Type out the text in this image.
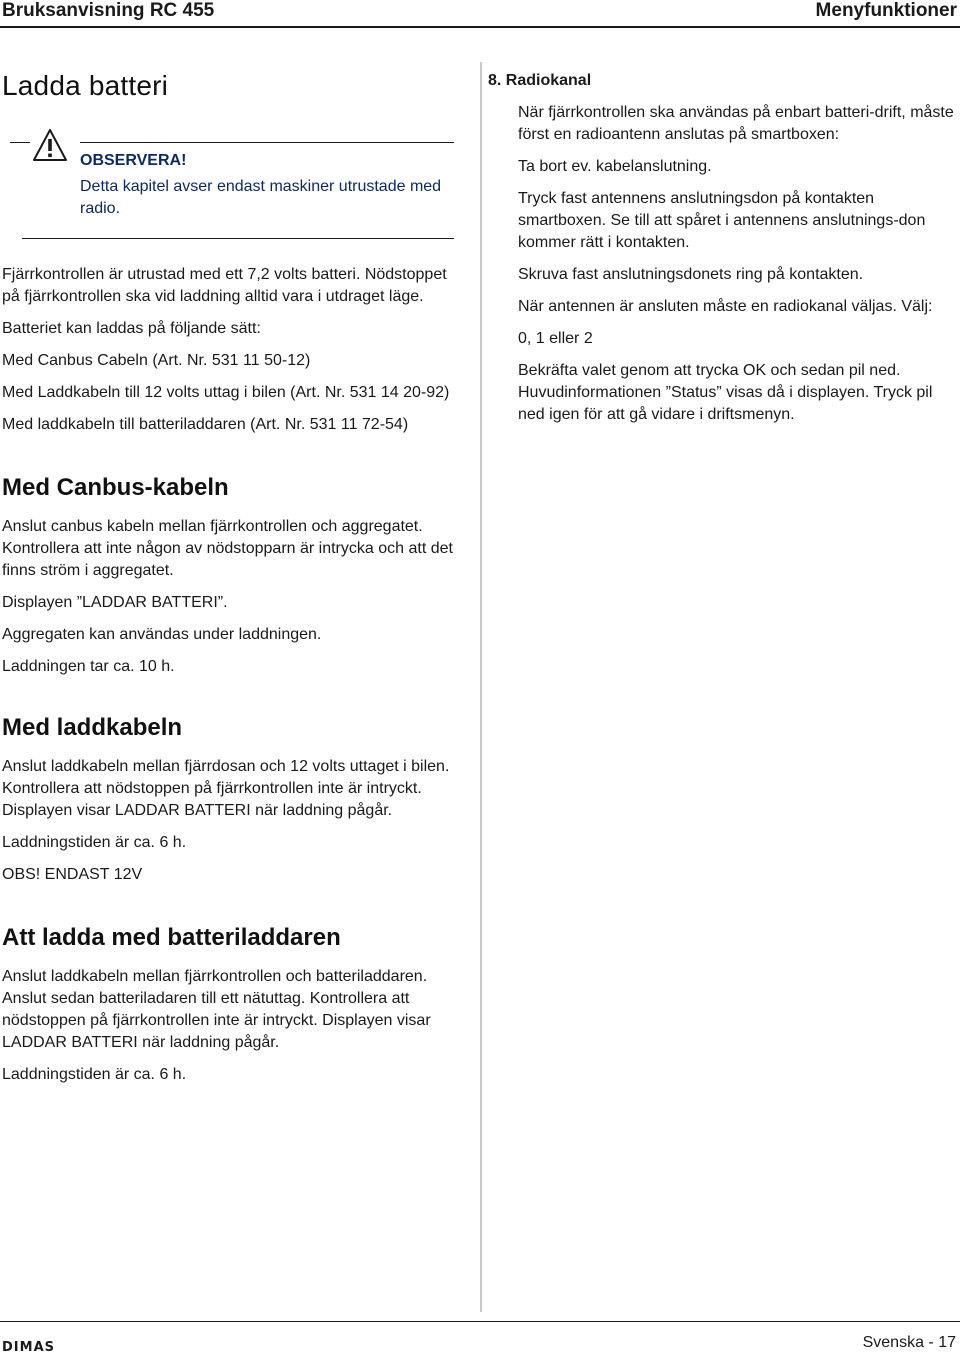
Bruksanvisning RC 455	Menyfunktioner
Ladda batteri
OBSERVERA!
Detta kapitel avser endast maskiner utrustade med radio.

Fjärrkontrollen är utrustad med ett 7,2 volts batteri. Nödstoppet på fjärrkontrollen ska vid laddning alltid vara i utdraget läge.

Batteriet kan laddas på följande sätt:

Med Canbus Cabeln (Art. Nr. 531 11 50-12)

Med Laddkabeln till 12 volts uttag i bilen (Art. Nr. 531 14 20-92)

Med laddkabeln till batteriladdaren (Art. Nr. 531 11 72-54)

Med Canbus-kabeln

Anslut canbus kabeln mellan fjärrkontrollen och aggregatet. Kontrollera att inte någon av nödstopparn är intrycka och att det finns ström i aggregatet.

Displayen ”LADDAR BATTERI”.

Aggregaten kan användas under laddningen.

Laddningen tar ca. 10 h.

Med laddkabeln

Anslut laddkabeln mellan fjärrdosan och 12 volts uttaget i bilen. Kontrollera att nödstoppen på fjärrkontrollen inte är intryckt. Displayen visar LADDAR BATTERI när laddning pågår.

Laddningstiden är ca. 6 h.

OBS! ENDAST 12V

Att ladda med batteriladdaren

Anslut laddkabeln mellan fjärrkontrollen och batteriladdaren. Anslut sedan batteriladaren till ett nätuttag. Kontrollera att nödstoppen på fjärrkontrollen inte är intryckt. Displayen visar LADDAR BATTERI när laddning pågår.

Laddningstiden är ca. 6 h.

8. Radiokanal

När fjärrkontrollen ska användas på enbart batteri-drift, måste först en radioantenn anslutas på smartboxen:

Ta bort ev. kabelanslutning.

Tryck fast antennens anslutningsdon på kontakten smartboxen. Se till att spåret i antennens anslutnings-don kommer rätt i kontakten.

Skruva fast anslutningsdonets ring på kontakten.

När antennen är ansluten måste en radiokanal väljas. Välj:

0, 1 eller 2

Bekräfta valet genom att trycka OK och sedan pil ned. Huvudinformationen ”Status” visas då i displayen. Tryck pil ned igen för att gå vidare i driftsmenyn.

DIMAS	Svenska - 17
